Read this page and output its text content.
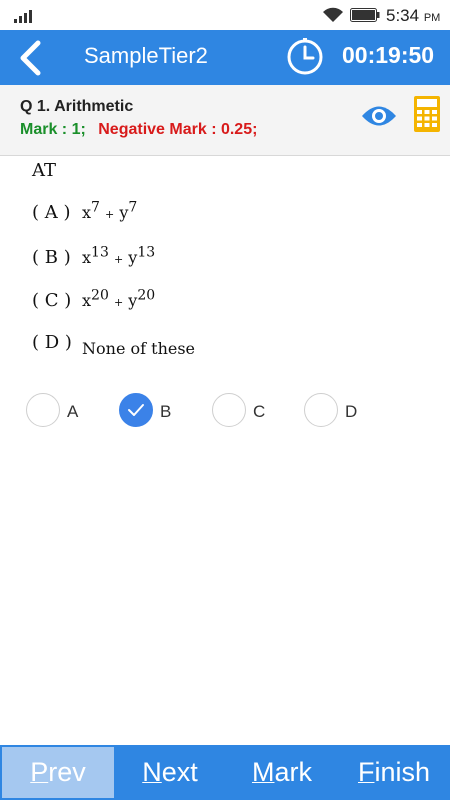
5:34 PM
SampleTier2	00:19:50
Q 1. Arithmetic
Mark : 1; Negative Mark : 0.25;
AT
( A ) $x^7 + y^7$
( B ) $x^{13} + y^{13}$
( C ) $x^{20} + y^{20}$
( D ) None of these
A	B	C	D
Prev	Next	Mark	Finish
